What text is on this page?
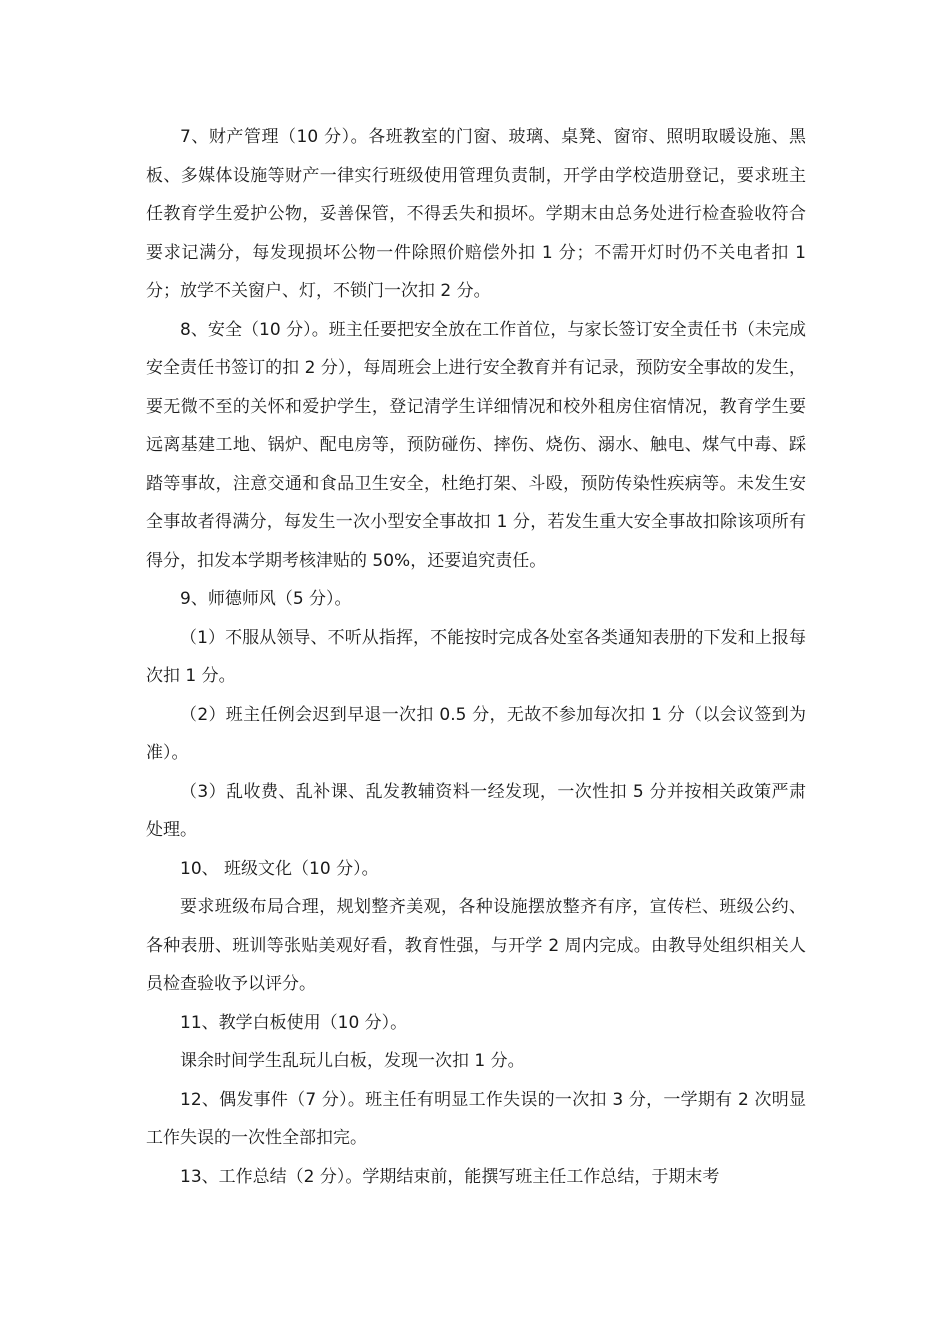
7、财产管理（10 分）。各班教室的门窗、玻璃、桌凳、窗帘、照明取暖设施、黑板、多媒体设施等财产一律实行班级使用管理负责制，开学由学校造册登记，要求班主任教育学生爱护公物，妥善保管，不得丢失和损坏。学期末由总务处进行检查验收符合要求记满分，每发现损坏公物一件除照价赔偿外扣 1 分；不需开灯时仍不关电者扣 1 分；放学不关窗户、灯，不锁门一次扣 2 分。

8、安全（10 分）。班主任要把安全放在工作首位，与家长签订安全责任书（未完成安全责任书签订的扣 2 分），每周班会上进行安全教育并有记录，预防安全事故的发生，要无微不至的关怀和爱护学生，登记清学生详细情况和校外租房住宿情况，教育学生要远离基建工地、锅炉、配电房等，预防碰伤、摔伤、烧伤、溺水、触电、煤气中毒、踩踏等事故，注意交通和食品卫生安全，杜绝打架、斗殴，预防传染性疾病等。未发生安全事故者得满分，每发生一次小型安全事故扣 1 分，若发生重大安全事故扣除该项所有得分，扣发本学期考核津贴的 50%，还要追究责任。

9、师德师风（5 分）。

（1）不服从领导、不听从指挥，不能按时完成各处室各类通知表册的下发和上报每次扣 1 分。

（2）班主任例会迟到早退一次扣 0.5 分，无故不参加每次扣 1 分（以会议签到为准）。

（3）乱收费、乱补课、乱发教辅资料一经发现，一次性扣 5 分并按相关政策严肃处理。

10、 班级文化（10 分）。

要求班级布局合理，规划整齐美观，各种设施摆放整齐有序，宣传栏、班级公约、各种表册、班训等张贴美观好看，教育性强，与开学 2 周内完成。由教导处组织相关人员检查验收予以评分。

11、教学白板使用（10 分）。

课余时间学生乱玩儿白板，发现一次扣 1 分。

12、偶发事件（7 分）。班主任有明显工作失误的一次扣 3 分，一学期有 2 次明显工作失误的一次性全部扣完。

13、工作总结（2 分）。学期结束前，能撰写班主任工作总结，于期末考
